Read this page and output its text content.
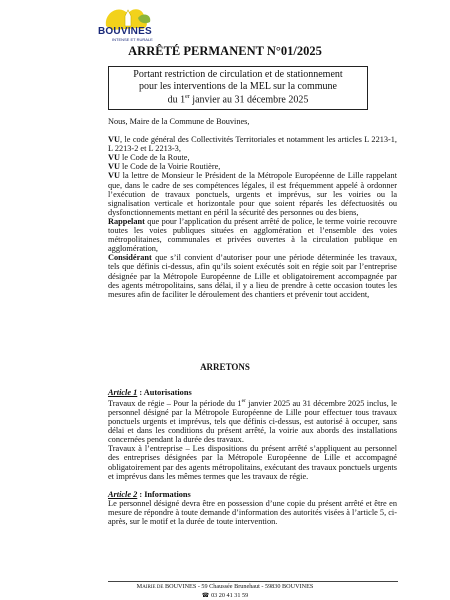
BOUVINES
INTENSE ET RURALE
ARRÊTÉ PERMANENT N°01/2025
Portant restriction de circulation et de stationnement
pour les interventions de la MEL sur la commune
du 1er janvier au 31 décembre 2025

Nous, Maire de la Commune de Bouvines,

VU, le code général des Collectivités Territoriales et notamment les articles L 2213-1, L 2213-2 et L 2213-3,

VU le Code de la Route,

VU le Code de la Voirie Routière,

VU la lettre de Monsieur le Président de la Métropole Européenne de Lille rappelant que, dans le cadre de ses compétences légales, il est fréquemment appelé à ordonner l’exécution de travaux ponctuels, urgents et imprévus, sur les voiries ou la signalisation verticale et horizontale pour que soient réparés les défectuosités ou dysfonctionnements mettant en péril la sécurité des personnes ou des biens,

Rappelant que pour l’application du présent arrêté de police, le terme voirie recouvre toutes les voies publiques situées en agglomération et l’ensemble des voies métropolitaines, communales et privées ouvertes à la circulation publique en agglomération,

Considérant que s’il convient d’autoriser pour une période déterminée les travaux, tels que définis ci-dessus, afin qu’ils soient exécutés soit en régie soit par l’entreprise désignée par la Métropole Européenne de Lille et obligatoirement accompagnée par des agents métropolitains, sans délai, il y a lieu de prendre à cette occasion toutes les mesures afin de faciliter le déroulement des chantiers et prévenir tout accident,

ARRETONS

Article 1 : Autorisations

Travaux de régie – Pour la période du 1er janvier 2025 au 31 décembre 2025 inclus, le personnel désigné par la Métropole Européenne de Lille pour effectuer tous travaux ponctuels urgents et imprévus, tels que définis ci-dessus, est autorisé à occuper, sans délai et dans les conditions du présent arrêté, la voirie aux abords des installations concernées pendant la durée des travaux.

Travaux à l’entreprise – Les dispositions du présent arrêté s’appliquent au personnel des entreprises désignées par la Métropole Européenne de Lille et accompagné obligatoirement par des agents métropolitains, exécutant des travaux ponctuels urgents et imprévus dans les mêmes termes que les travaux de régie.

Article 2 : Informations

Le personnel désigné devra être en possession d’une copie du présent arrêté et être en mesure de répondre à toute demande d’information des autorités visées à l’article 5, ci-après, sur le motif et la durée de toute intervention.

MAIRIE DE BOUVINES - 59 Chaussée Brunehaut - 59830 BOUVINES
☎ 03 20 41 31 59
